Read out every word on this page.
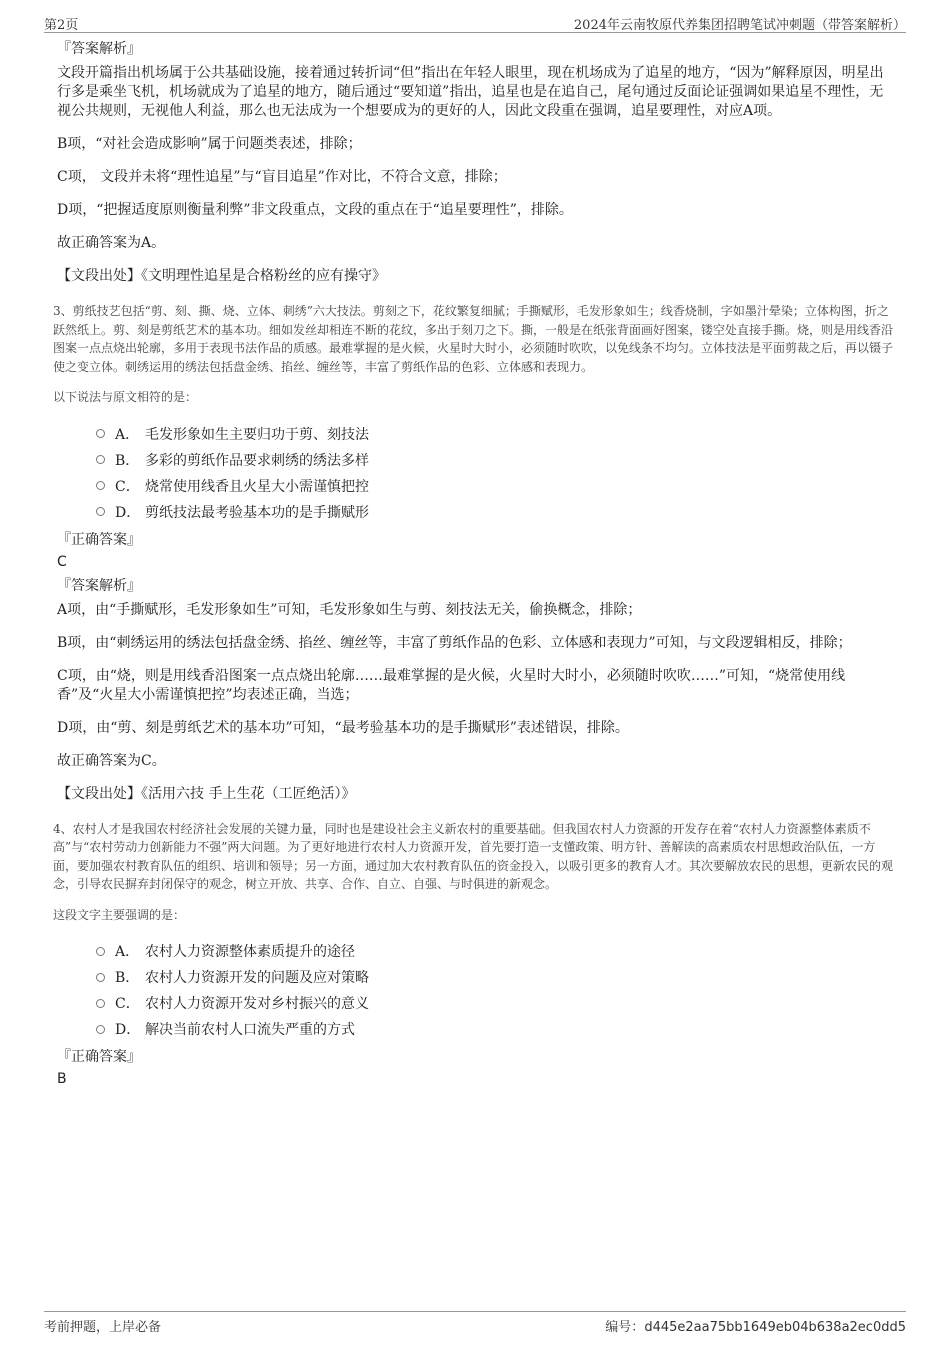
第2页	2024年云南牧原代养集团招聘笔试冲刺题（带答案解析）
『答案解析』

文段开篇指出机场属于公共基础设施，接着通过转折词“但”指出在年轻人眼里，现在机场成为了追星的地方，“因为”解释原因，明星出行多是乘坐飞机，机场就成为了追星的地方，随后通过“要知道”指出，追星也是在追自己，尾句通过反面论证强调如果追星不理性，无视公共规则，无视他人利益，那么也无法成为一个想要成为的更好的人，因此文段重在强调，追星要理性，对应A项。

B项，“对社会造成影响”属于问题类表述，排除；

C项， 文段并未将“理性追星”与“盲目追星”作对比，不符合文意，排除；

D项，“把握适度原则衡量利弊”非文段重点，文段的重点在于“追星要理性”，排除。

故正确答案为A。

【文段出处】《文明理性追星是合格粉丝的应有操守》

3、剪纸技艺包括“剪、刻、撕、烧、立体、刺绣”六大技法。剪刻之下，花纹繁复细腻；手撕赋形，毛发形象如生；线香烧制，字如墨汁晕染；立体构图，折之跃然纸上。剪、刻是剪纸艺术的基本功。细如发丝却相连不断的花纹，多出于刻刀之下。撕，一般是在纸张背面画好图案，镂空处直接手撕。烧，则是用线香沿图案一点点烧出轮廓，多用于表现书法作品的质感。最难掌握的是火候，火星时大时小，必须随时吹吹，以免线条不均匀。立体技法是平面剪裁之后，再以镊子使之变立体。刺绣运用的绣法包括盘金绣、掐丝、缠丝等，丰富了剪纸作品的色彩、立体感和表现力。

以下说法与原文相符的是：

A． 毛发形象如生主要归功于剪、刻技法
B． 多彩的剪纸作品要求刺绣的绣法多样
C． 烧常使用线香且火星大小需谨慎把控
D． 剪纸技法最考验基本功的是手撕赋形
『正确答案』
C
『答案解析』

A项，由“手撕赋形，毛发形象如生”可知，毛发形象如生与剪、刻技法无关，偷换概念，排除；

B项，由“刺绣运用的绣法包括盘金绣、掐丝、缠丝等，丰富了剪纸作品的色彩、立体感和表现力”可知，与文段逻辑相反，排除；

C项，由“烧，则是用线香沿图案一点点烧出轮廓……最难掌握的是火候，火星时大时小，必须随时吹吹……”可知，“烧常使用线香”及“火星大小需谨慎把控”均表述正确，当选；

D项，由“剪、刻是剪纸艺术的基本功”可知，“最考验基本功的是手撕赋形”表述错误，排除。

故正确答案为C。

【文段出处】《活用六技 手上生花（工匠绝活）》

4、农村人才是我国农村经济社会发展的关键力量，同时也是建设社会主义新农村的重要基础。但我国农村人力资源的开发存在着“农村人力资源整体素质不高”与“农村劳动力创新能力不强”两大问题。为了更好地进行农村人力资源开发，首先要打造一支懂政策、明方针、善解读的高素质农村思想政治队伍，一方面，要加强农村教育队伍的组织、培训和领导；另一方面，通过加大农村教育队伍的资金投入，以吸引更多的教育人才。其次要解放农民的思想，更新农民的观念，引导农民摒弃封闭保守的观念，树立开放、共享、合作、自立、自强、与时俱进的新观念。

这段文字主要强调的是：

A． 农村人力资源整体素质提升的途径
B． 农村人力资源开发的问题及应对策略
C． 农村人力资源开发对乡村振兴的意义
D． 解决当前农村人口流失严重的方式
『正确答案』
B
考前押题，上岸必备	编号：d445e2aa75bb1649eb04b638a2ec0dd5
